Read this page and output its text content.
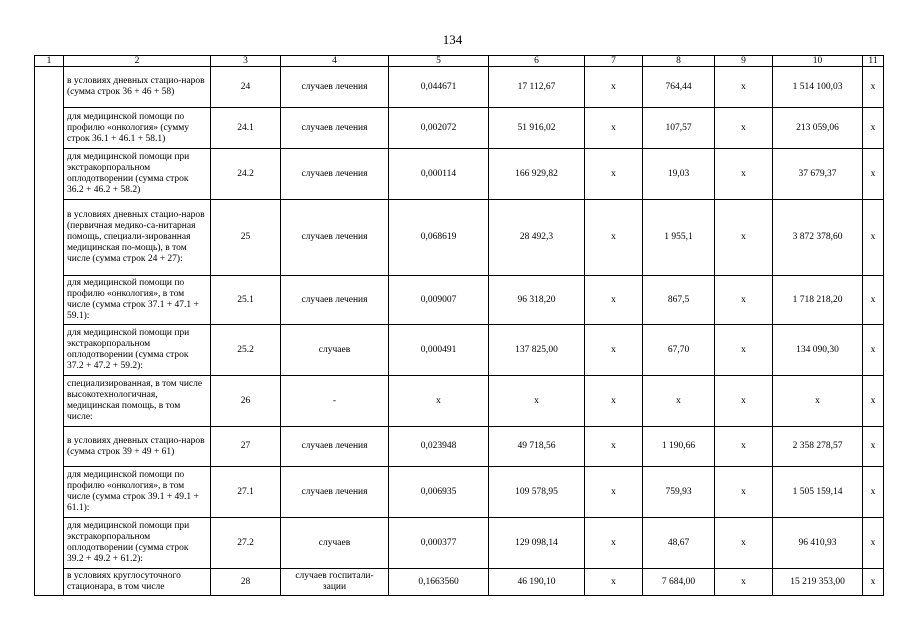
134
1	2	3	4	5	6	7	8	9	10	11
	в условиях дневных стацио-наров (сумма строк 36 + 46 + 58)	24	случаев лечения	0,044671	17 112,67	х	764,44	х	1 514 100,03	х
	для медицинской помощи по профилю «онкология» (сумму строк 36.1 + 46.1 + 58.1)	24.1	случаев лечения	0,002072	51 916,02	х	107,57	х	213 059,06	х
	для медицинской помощи при экстракорпоральном оплодотворении (сумма строк 36.2 + 46.2 + 58.2)	24.2	случаев лечения	0,000114	166 929,82	х	19,03	х	37 679,37	х
	в условиях дневных стацио-наров (первичная медико-са-нитарная помощь, специали-зированная медицинская по-мощь), в том числе (сумма строк 24 + 27):	25	случаев лечения	0,068619	28 492,3	х	1 955,1	х	3 872 378,60	х
	для медицинской помощи по профилю «онкология», в том числе (сумма строк 37.1 + 47.1 + 59.1):	25.1	случаев лечения	0,009007	96 318,20	х	867,5	х	1 718 218,20	х
	для медицинской помощи при экстракорпоральном оплодотворении (сумма строк 37.2 + 47.2 + 59.2):	25.2	случаев	0,000491	137 825,00	х	67,70	х	134 090,30	х
	специализированная, в том числе высокотехнологичная, медицинская помощь, в том числе:	26	-	х	х	х	х	х	х	х
	в условиях дневных стацио-наров (сумма строк 39 + 49 + 61)	27	случаев лечения	0,023948	49 718,56	х	1 190,66	х	2 358 278,57	х
	для медицинской помощи по профилю «онкология», в том числе (сумма строк 39.1 + 49.1 + 61.1):	27.1	случаев лечения	0,006935	109 578,95	х	759,93	х	1 505 159,14	х
	для медицинской помощи при экстракорпоральном оплодотворении (сумма строк 39.2 + 49.2 + 61.2):	27.2	случаев	0,000377	129 098,14	х	48,67	х	96 410,93	х
	в условиях круглосуточного стационара, в том числе	28	случаев госпитали-зации	0,1663560	46 190,10	х	7 684,00	х	15 219 353,00	х
